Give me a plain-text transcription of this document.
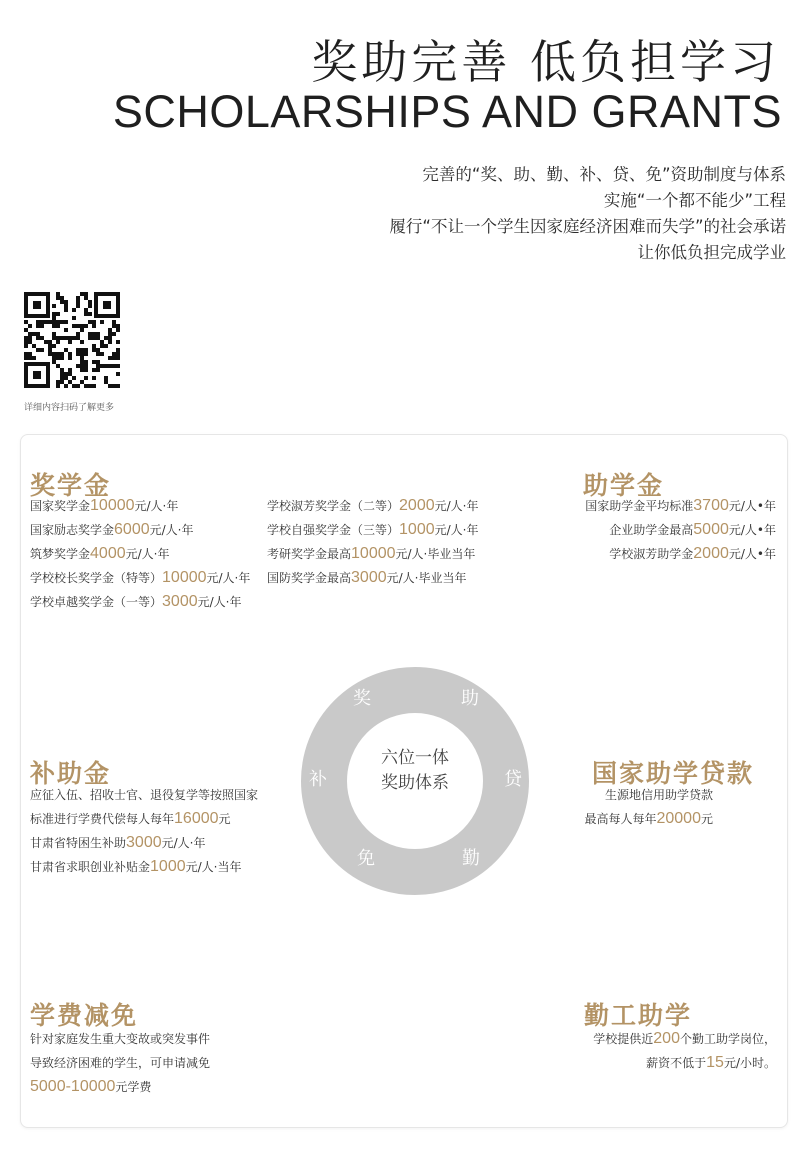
奖助完善 低负担学习
SCHOLARSHIPS AND GRANTS
完善的“奖、助、勤、补、贷、免”资助制度与体系
实施“一个都不能少”工程
履行“不让一个学生因家庭经济困难而失学”的社会承诺
让你低负担完成学业
详细内容扫码了解更多
奖学金
国家奖学金10000元/人·年
国家励志奖学金6000元/人·年
筑梦奖学金4000元/人·年
学校校长奖学金（特等）10000元/人·年
学校卓越奖学金（一等）3000元/人·年
学校淑芳奖学金（二等）2000元/人·年
学校自强奖学金（三等）1000元/人·年
考研奖学金最高10000元/人·毕业当年
国防奖学金最高3000元/人·毕业当年
助学金
国家助学金平均标准3700元/人•年
企业助学金最高5000元/人•年
学校淑芳助学金2000元/人•年
奖	助
补	贷
免	勤
六位一体
奖助体系
补助金
应征入伍、招收士官、退役复学等按照国家
标准进行学费代偿每人每年16000元
甘肃省特困生补助3000元/人·年
甘肃省求职创业补贴金1000元/人·当年
国家助学贷款
生源地信用助学贷款
最高每人每年20000元
学费减免
针对家庭发生重大变故或突发事件
导致经济困难的学生，可申请减免
5000-10000元学费
勤工助学
学校提供近200个勤工助学岗位，
薪资不低于15元/小时。
